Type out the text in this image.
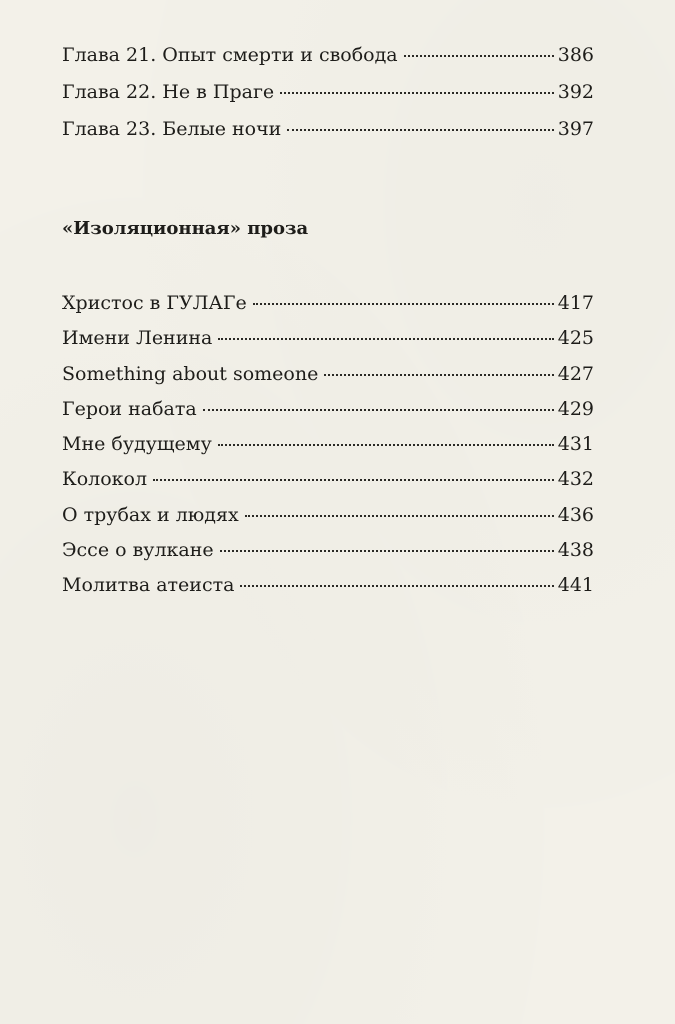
Глава 21. Опыт смерти и свобода	386
Глава 22. Не в Праге	392
Глава 23. Белые ночи	397
«Изоляционная» проза
Христос в ГУЛАГе	417
Имени Ленина	425
Something about someone	427
Герои набата	429
Мне будущему	431
Колокол	432
О трубах и людях	436
Эссе о вулкане	438
Молитва атеиста	441
